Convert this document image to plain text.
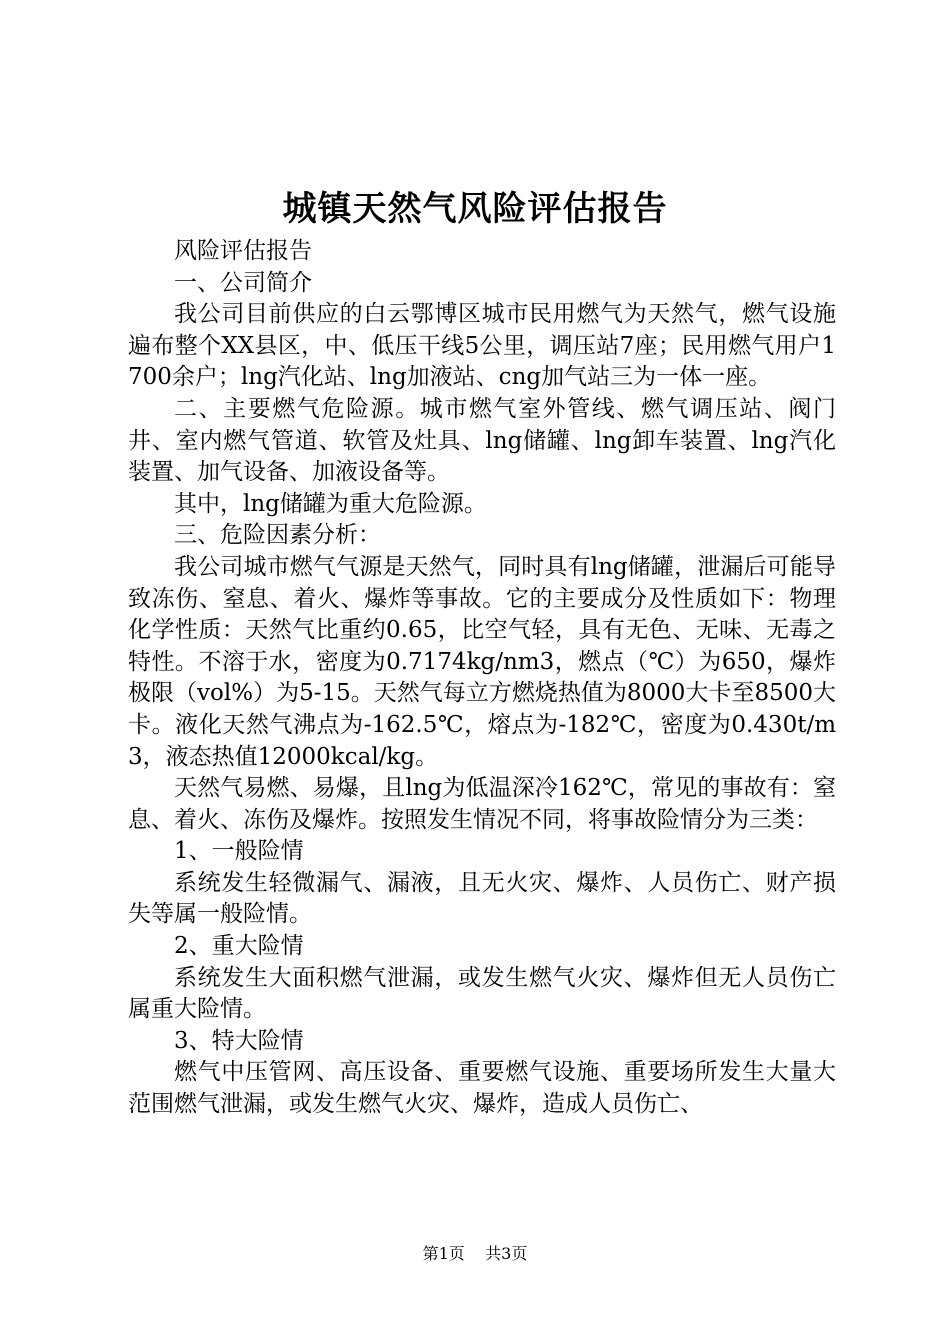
城镇天然气风险评估报告

风险评估报告

一、公司简介

我公司目前供应的白云鄂博区城市民用燃气为天然气，燃气设施遍布整个XX县区，中、低压干线5公里，调压站7座；民用燃气用户1700余户；lng汽化站、lng加液站、cng加气站三为一体一座。

二、主要燃气危险源。城市燃气室外管线、燃气调压站、阀门井、室内燃气管道、软管及灶具、lng储罐、lng卸车装置、lng汽化装置、加气设备、加液设备等。

其中，lng储罐为重大危险源。

三、危险因素分析：

我公司城市燃气气源是天然气，同时具有lng储罐，泄漏后可能导致冻伤、窒息、着火、爆炸等事故。它的主要成分及性质如下：物理化学性质：天然气比重约0.65，比空气轻，具有无色、无味、无毒之特性。不溶于水，密度为0.7174kg/nm3，燃点（℃）为650，爆炸极限（vol%）为5-15。天然气每立方燃烧热值为8000大卡至8500大卡。液化天然气沸点为-162.5℃，熔点为-182℃，密度为0.430t/m3，液态热值12000kcal/kg。

天然气易燃、易爆，且lng为低温深冷162℃，常见的事故有：窒息、着火、冻伤及爆炸。按照发生情况不同，将事故险情分为三类：

1、一般险情

系统发生轻微漏气、漏液，且无火灾、爆炸、人员伤亡、财产损失等属一般险情。

2、重大险情

系统发生大面积燃气泄漏，或发生燃气火灾、爆炸但无人员伤亡属重大险情。

3、特大险情

燃气中压管网、高压设备、重要燃气设施、重要场所发生大量大范围燃气泄漏，或发生燃气火灾、爆炸，造成人员伤亡、

第1页 共3页
